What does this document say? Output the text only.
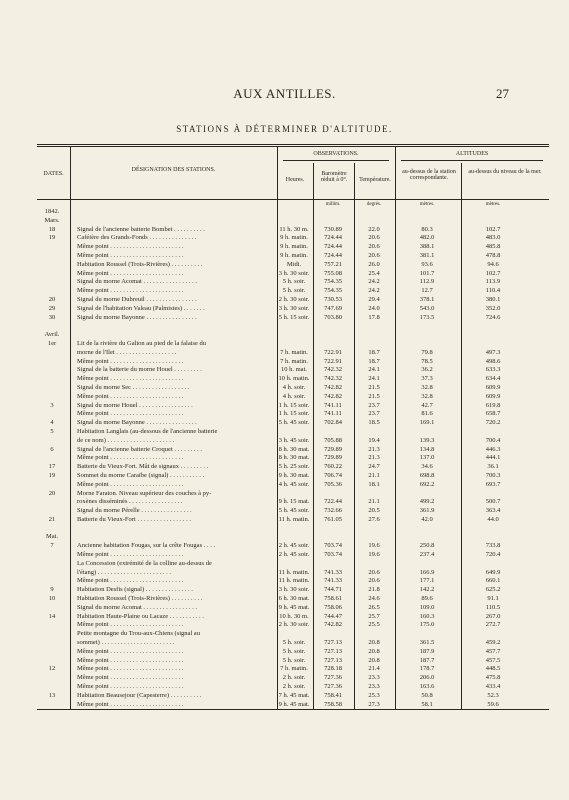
AUX ANTILLES.	27
STATIONS À DÉTERMINER D'ALTITUDE.
DATES.
DÉSIGNATION DES STATIONS.
OBSERVATIONS.	ALTITUDES
Heures.
Baromètre réduit à 0°.	Température.
au-dessus de la station correspondante.
au-dessus du niveau de la mer.
millim.	degrés.	mètres.	mètres.
1842.
Mars.
18	Signal de l'ancienne batterie Bombet . . . . . . . . . .	11 h. 30 m.	730.89	22.0	80.3	102.7
19	Caféière des Grands-Fonds . . . . . . . . . . . . . . .	9 h. matin.	724.44	20.6	482.0	483.0
Même point . . . . . . . . . . . . . . . . . . . . . . .	9 h. matin.	724.44	20.6	388.1	485.8
Même point . . . . . . . . . . . . . . . . . . . . . . .	9 h. matin.	724.44	20.6	381.1	478.8
Habitation Roussel (Trois-Rivières) . . . . . . . . . .	Midi.	757.21	26.0	93.6	94.6
Même point . . . . . . . . . . . . . . . . . . . . . . .	3 h. 30 soir.	755.08	25.4	101.7	102.7
Signal du morne Acomat . . . . . . . . . . . . . . . . .	5 h. soir.	754.35	24.2	112.9	113.9
Même point . . . . . . . . . . . . . . . . . . . . . . .	5 h. soir.	754.35	24.2	12.7	110.4
20	Signal du morne Dubreuil . . . . . . . . . . . . . . . .	2 h. 30 soir.	730.53	29.4	378.1	380.1
29	Signal de l'habitation Valeau (Palmistes) . . . . . . .	3 h. 30 soir.	747.69	24.0	543.0	352.0
30	Signal du morne Bayonne . . . . . . . . . . . . . . . .	5 h. 15 soir.	703.80	17.8	173.5	724.6
Avril.
1er	Lit de la rivière du Galion au pied de la falaise du
morne de l'Ilet . . . . . . . . . . . . . . . . . . .	7 h. matin.	722.91	18.7	79.8	497.3
Même point . . . . . . . . . . . . . . . . . . . . . . .	7 h. matin.	722.91	18.7	78.5	498.6
Signal de la batterie du morne Houel . . . . . . . . .	10 h. mat.	742.32	24.1	36.2	633.3
Même point . . . . . . . . . . . . . . . . . . . . . . .	10 h. matin.	742.32	24.1	37.3	634.4
Signal du morne Sec . . . . . . . . . . . . . . . . . .	4 h. soir.	742.82	21.5	32.8	609.9
Même point . . . . . . . . . . . . . . . . . . . . . . .	4 h. soir.	742.82	21.5	32.8	609.9
3	Signal du morne Houel . . . . . . . . . . . . . . . . .	1 h. 15 soir.	741.11	23.7	42.7	619.8
Même point . . . . . . . . . . . . . . . . . . . . . . .	1 h. 15 soir.	741.11	23.7	81.6	658.7
4	Signal du morne Bayonne . . . . . . . . . . . . . . . .	5 h. 45 soir.	702.84	18.5	169.1	720.2
5	Habitation Langlais (au-dessous de l'ancienne batterie
de ce nom) . . . . . . . . . . . . . . . . . . . . .	3 h. 45 soir.	705.88	19.4	139.3	700.4
6	Signal de l'ancienne batterie Croquet . . . . . . . . .	8 h. 30 mat.	729.89	21.3	134.8	446.3
Même point . . . . . . . . . . . . . . . . . . . . . . .	8 h. 30 mat.	729.89	21.3	137.0	444.1
17	Batterie du Vieux-Fort. Mât de signaux . . . . . . . . .	5 h. 25 soir.	760.22	24.7	34.6	36.1
19	Sommet du morne Caraïbe (signal) . . . . . . . . . . .	9 h. 30 mat.	706.74	21.1	698.8	700.3
Même point . . . . . . . . . . . . . . . . . . . . . . .	4 h. 45 soir.	705.36	18.1	692.2	693.7
20	Morne Faraton. Niveau supérieur des couches à py-
roxènes disséminés . . . . . . . . . . . . . . . . .	9 h. 15 mat.	722.44	21.1	499.2	500.7
Signal du morne Pérelle . . . . . . . . . . . . . . . .	5 h. 45 soir.	732.66	20.5	361.9	363.4
21	Batterie du Vieux-Fort . . . . . . . . . . . . . . . . .	11 h. matin.	761.05	27.6	42.0	44.0
Mai.
7	Ancienne habitation Fougas, sur la crête Fougas . . . .	2 h. 45 soir.	703.74	19.6	250.8	733.8
Même point . . . . . . . . . . . . . . . . . . . . . . .	2 h. 45 soir.	703.74	19.6	237.4	720.4
La Concession (extrémité de la colline au-dessus de
l'étang) . . . . . . . . . . . . . . . . . . . . . . .	11 h. matin.	741.33	20.6	166.9	649.9
Même point . . . . . . . . . . . . . . . . . . . . . . .	11 h. matin.	741.33	20.6	177.1	660.1
9	Habitation Desfis (signal) . . . . . . . . . . . . . . .	3 h. 30 soir.	744.71	21.8	142.2	625.2
10	Habitation Roussel (Trois-Rivières) . . . . . . . . . .	6 h. 30 mat.	758.61	24.6	89.6	91.1
Signal du morne Acomat . . . . . . . . . . . . . . . . .	9 h. 45 mat.	758.06	26.5	109.0	110.5
14	Habitation Haute-Plaine ou Lacaze . . . . . . . . . . .	10 h. 30 m.	744.47	25.7	160.3	267.0
Même point . . . . . . . . . . . . . . . . . . . . . . .	2 h. 30 soir.	742.82	25.5	175.0	272.7
Petite montagne du Trou-aux-Chiens (signal au
sommet) . . . . . . . . . . . . . . . . . . . . . . .	5 h. soir.	727.13	20.8	361.5	459.2
Même point . . . . . . . . . . . . . . . . . . . . . . .	5 h. soir.	727.13	20.8	187.9	457.7
Même point . . . . . . . . . . . . . . . . . . . . . . .	5 h. soir.	727.13	20.8	187.7	457.5
12	Même point . . . . . . . . . . . . . . . . . . . . . . .	7 h. matin.	728.18	21.4	178.7	448.5
Même point . . . . . . . . . . . . . . . . . . . . . . .	2 h. soir.	727.36	23.3	206.0	475.8
Même point . . . . . . . . . . . . . . . . . . . . . . .	2 h. soir.	727.36	23.3	163.6	433.4
13	Habitation Beausejour (Capesterre) . . . . . . . . . .	7 h. 45 mat.	758.41	25.3	50.8	52.3
Même point . . . . . . . . . . . . . . . . . . . . . . .	9 h. 45 mat.	758.58	27.3	58.1	59.6
